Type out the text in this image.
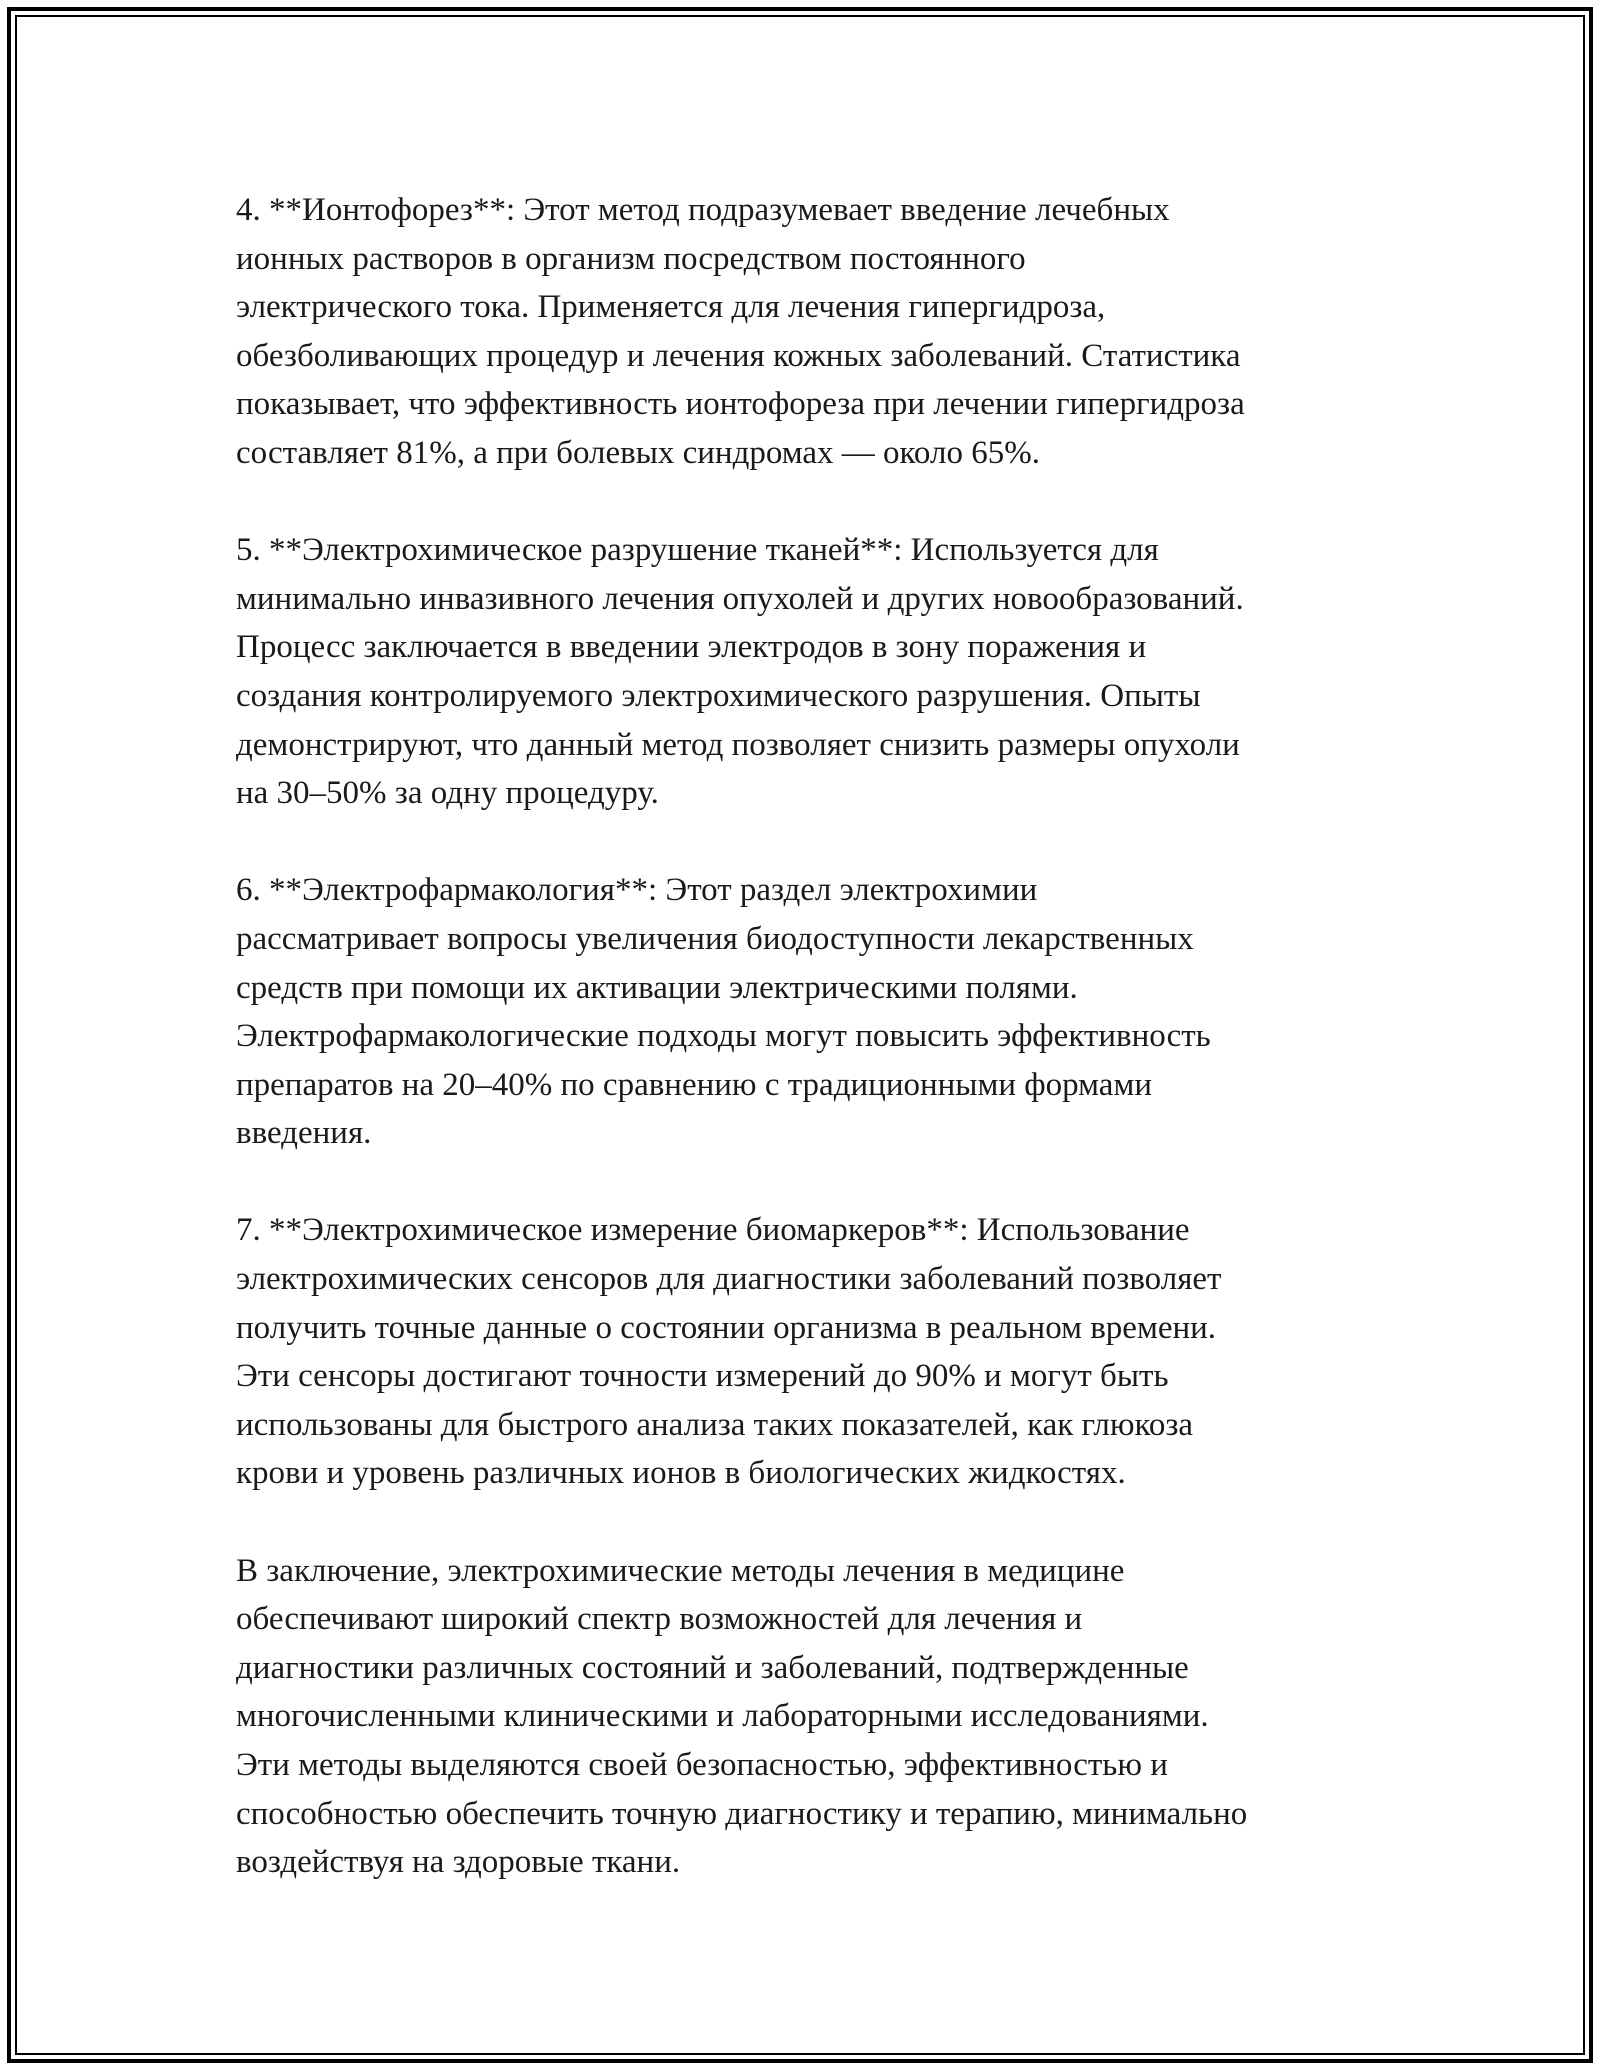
4. **Ионтофорез**: Этот метод подразумевает введение лечебных
ионных растворов в организм посредством постоянного
электрического тока. Применяется для лечения гипергидроза,
обезболивающих процедур и лечения кожных заболеваний. Статистика
показывает, что эффективность ионтофореза при лечении гипергидроза
составляет 81%, а при болевых синдромах — около 65%.

5. **Электрохимическое разрушение тканей**: Используется для
минимально инвазивного лечения опухолей и других новообразований.
Процесс заключается в введении электродов в зону поражения и
создания контролируемого электрохимического разрушения. Опыты
демонстрируют, что данный метод позволяет снизить размеры опухоли
на 30–50% за одну процедуру.

6. **Электрофармакология**: Этот раздел электрохимии
рассматривает вопросы увеличения биодоступности лекарственных
средств при помощи их активации электрическими полями.
Электрофармакологические подходы могут повысить эффективность
препаратов на 20–40% по сравнению с традиционными формами
введения.

7. **Электрохимическое измерение биомаркеров**: Использование
электрохимических сенсоров для диагностики заболеваний позволяет
получить точные данные о состоянии организма в реальном времени.
Эти сенсоры достигают точности измерений до 90% и могут быть
использованы для быстрого анализа таких показателей, как глюкоза
крови и уровень различных ионов в биологических жидкостях.

В заключение, электрохимические методы лечения в медицине
обеспечивают широкий спектр возможностей для лечения и
диагностики различных состояний и заболеваний, подтвержденные
многочисленными клиническими и лабораторными исследованиями.
Эти методы выделяются своей безопасностью, эффективностью и
способностью обеспечить точную диагностику и терапию, минимально
воздействуя на здоровые ткани.
